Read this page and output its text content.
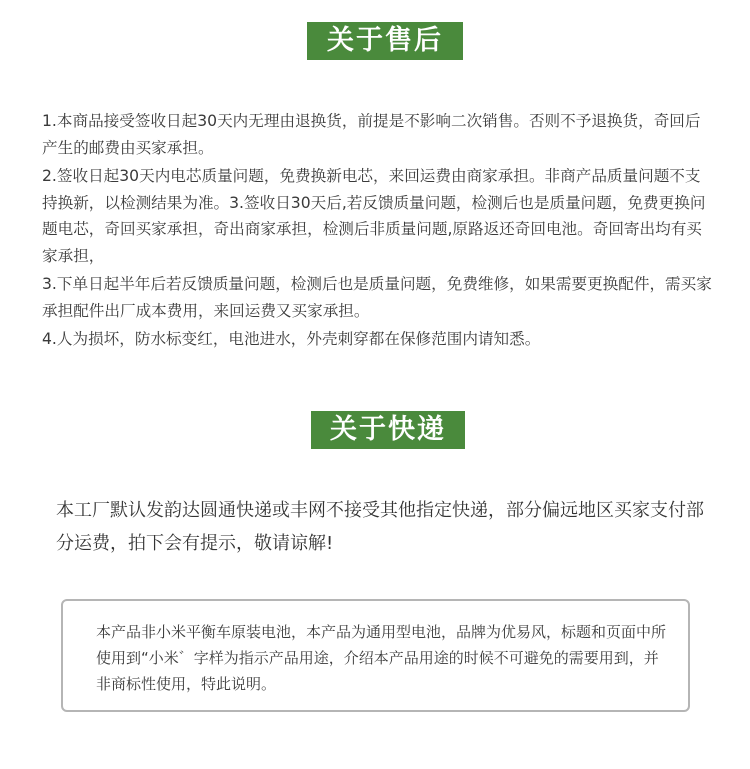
关于售后

1.本商品接受签收日起30天内无理由退换货，前提是不影响二次销售。否则不予退换货，奇回后产生的邮费由买家承担。

2.签收日起30天内电芯质量问题，免费换新电芯，来回运费由商家承担。非商产品质量问题不支持换新，以检测结果为准。3.签收日30天后,若反馈质量问题，检测后也是质量问题，免费更换问题电芯，奇回买家承担，奇出商家承担，检测后非质量问题,原路返还奇回电池。奇回寄出均有买家承担，

3.下单日起半年后若反馈质量问题，检测后也是质量问题，免费维修，如果需要更换配件，需买家承担配件出厂成本费用，来回运费又买家承担。

4.人为损坏，防水标变红，电池进水，外壳刺穿都在保修范围内请知悉。

关于快递
本工厂默认发韵达圆通快递或丰网不接受其他指定快递，部分偏远地区买家支付部分运费，拍下会有提示，敬请谅解!
本产品非小米平衡车原装电池，本产品为通用型电池，品牌为优易风，标题和页面中所使用到“小米゛字样为指示产品用途，介绍本产品用途的时候不可避免的需要用到，并非商标性使用，特此说明。
